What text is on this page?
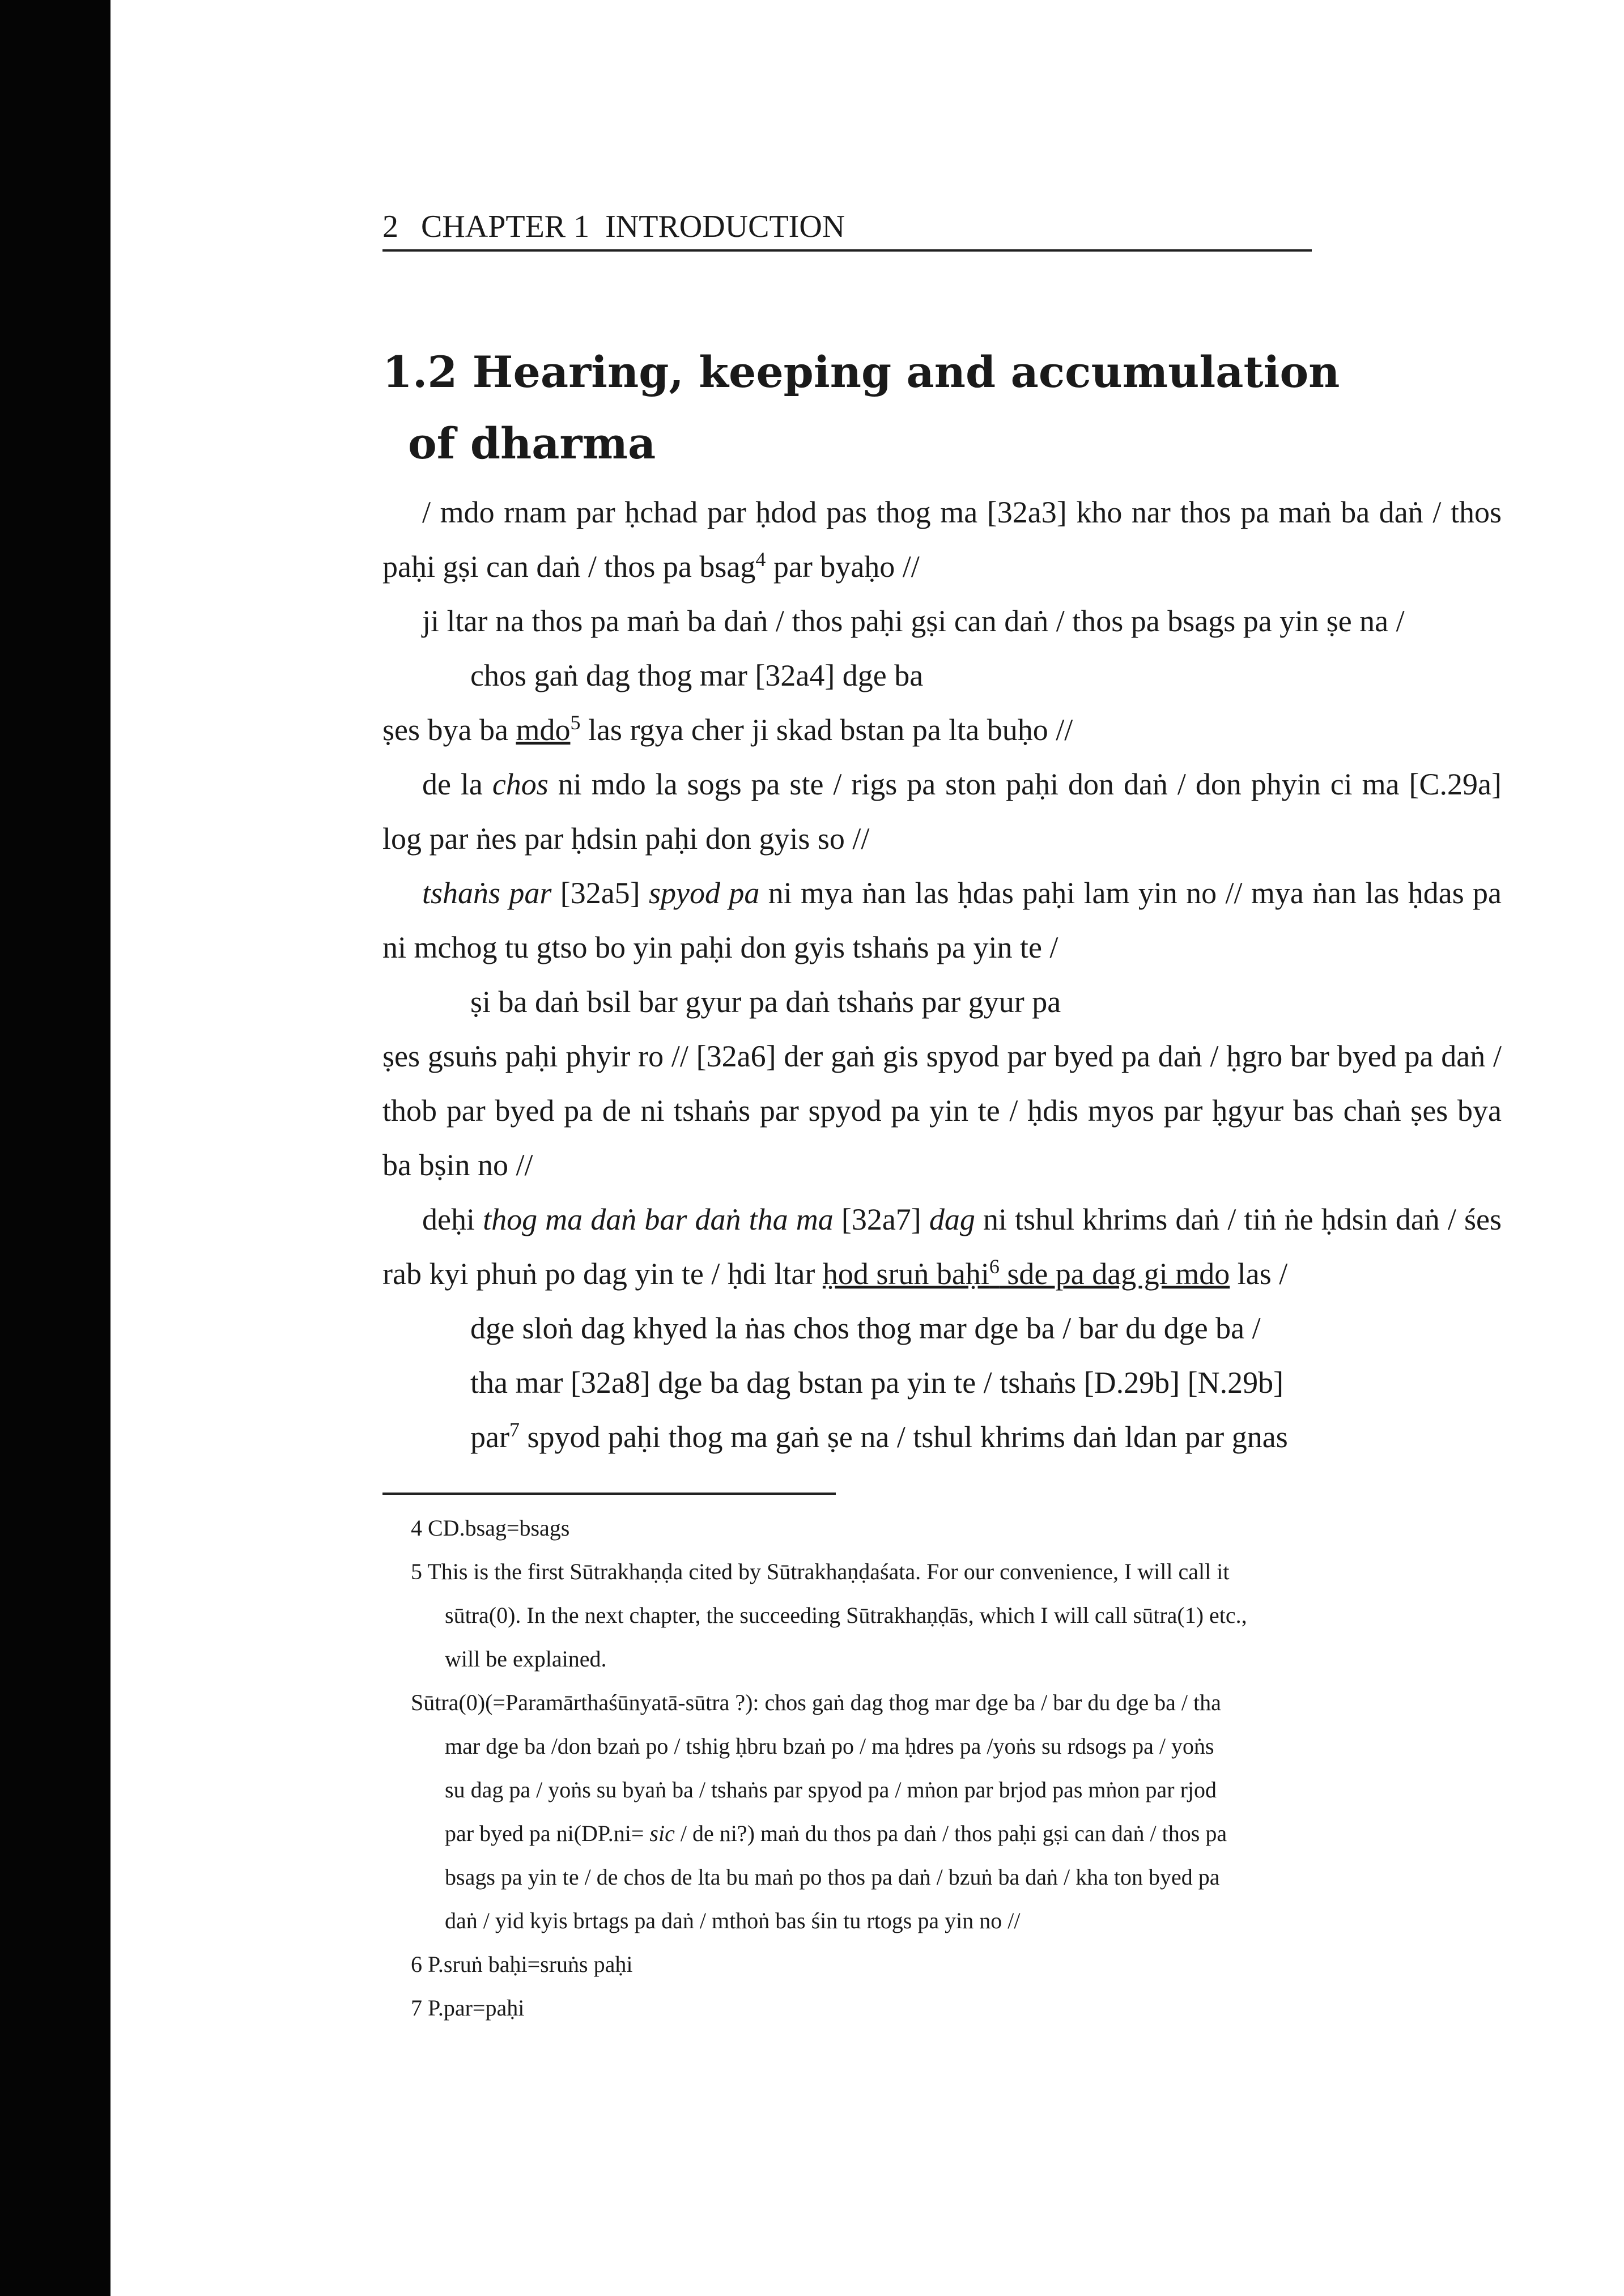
2 CHAPTER 1  INTRODUCTION
1.2 Hearing, keeping and accumulation
of dharma

/ mdo rnam par ḥchad par ḥdod pas thog ma [32a3] kho nar thos pa maṅ ba daṅ / thos paḥi gṣi can daṅ / thos pa bsag$^4$ par byaḥo //

ji ltar na thos pa maṅ ba daṅ / thos paḥi gṣi can daṅ / thos pa bsags pa yin ṣe na /

chos gaṅ dag thog mar [32a4] dge ba

ṣes bya ba mdo$^5$ las rgya cher ji skad bstan pa lta buḥo //

de la chos ni mdo la sogs pa ste / rigs pa ston paḥi don daṅ / don phyin ci ma [C.29a] log par ṅes par ḥdsin paḥi don gyis so //

tshaṅs par [32a5] spyod pa ni mya ṅan las ḥdas paḥi lam yin no // mya ṅan las ḥdas pa ni mchog tu gtso bo yin paḥi don gyis tshaṅs pa yin te /

ṣi ba daṅ bsil bar gyur pa daṅ tshaṅs par gyur pa

ṣes gsuṅs paḥi phyir ro // [32a6] der gaṅ gis spyod par byed pa daṅ / ḥgro bar byed pa daṅ / thob par byed pa de ni tshaṅs par spyod pa yin te / ḥdis myos par ḥgyur bas chaṅ ṣes bya ba bṣin no //

deḥi thog ma daṅ bar daṅ tha ma [32a7] dag ni tshul khrims daṅ / tiṅ ṅe ḥdsin daṅ / śes rab kyi phuṅ po dag yin te / ḥdi ltar ḥod sruṅ baḥi$^6$ sde pa dag gi mdo las /

dge sloṅ dag khyed la ṅas chos thog mar dge ba / bar du dge ba /

tha mar [32a8] dge ba dag bstan pa yin te / tshaṅs [D.29b] [N.29b]

par$^7$ spyod paḥi thog ma gaṅ ṣe na / tshul khrims daṅ ldan par gnas

4 CD.bsag=bsags
5 This is the first Sūtrakhaṇḍa cited by Sūtrakhaṇḍaśata. For our convenience, I will call it
sūtra(0). In the next chapter, the succeeding Sūtrakhaṇḍās, which I will call sūtra(1) etc.,
will be explained.
Sūtra(0)(=Paramārthaśūnyatā-sūtra ?): chos gaṅ dag thog mar dge ba / bar du dge ba / tha
mar dge ba /don bzaṅ po / tshig ḥbru bzaṅ po / ma ḥdres pa /yoṅs su rdsogs pa / yoṅs
su dag pa / yoṅs su byaṅ ba / tshaṅs par spyod pa / mṅon par brjod pas mṅon par rjod
par byed pa ni(DP.ni= sic / de ni?) maṅ du thos pa daṅ / thos paḥi gṣi can daṅ / thos pa
bsags pa yin te / de chos de lta bu maṅ po thos pa daṅ / bzuṅ ba daṅ / kha ton byed pa
daṅ / yid kyis brtags pa daṅ / mthoṅ bas śin tu rtogs pa yin no //
6 P.sruṅ baḥi=sruṅs paḥi
7 P.par=paḥi
